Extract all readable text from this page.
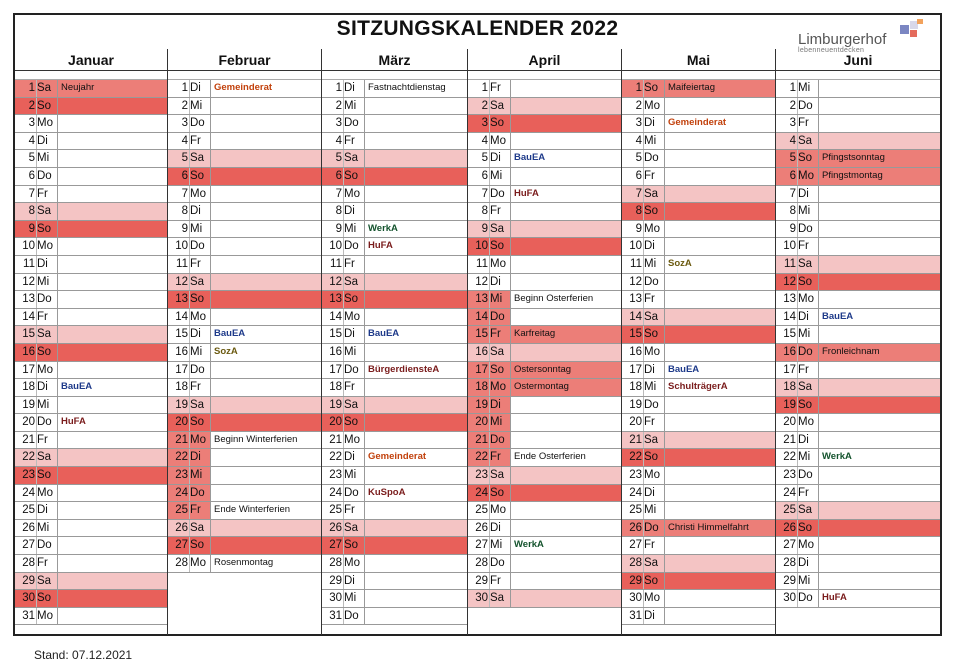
SITZUNGSKALENDER 2022	Limburgerhof
lebenneuentdecken
Januar
1 Sa	Neujahr
2 So
3 Mo
4 Di
5 Mi
6 Do
7 Fr
8 Sa
9 So
10 Mo
11 Di
12 Mi
13 Do
14 Fr
15 Sa
16 So
17 Mo
18 Di	BauEA
19 Mi
20 Do HuFA
21 Fr
22 Sa
23 So
24 Mo
25 Di
26 Mi
27 Do
28 Fr
29 Sa
30 So
31 Mo
Februar
1 Di	Gemeinderat
2 Mi
3 Do
4 Fr
5 Sa
6 So
7 Mo
8 Di
9 Mi
10 Do
11 Fr
12 Sa
13 So
14 Mo
15 Di	BauEA
16 Mi	SozA
17 Do
18 Fr
19 Sa
20 So
21 Mo Beginn Winterferien
22 Di
23 Mi
24 Do
25 Fr	Ende Winterferien
26 Sa
27 So
28 Mo Rosenmontag
März
1 Di	Fastnachtdienstag
2 Mi
3 Do
4 Fr
5 Sa
6 So
7 Mo
8 Di
9 Mi	WerkA
10 Do HuFA
11 Fr
12 Sa
13 So
14 Mo
15 Di	BauEA
16 Mi
17 Do BürgerdiensteA
18 Fr
19 Sa
20 So
21 Mo
22 Di	Gemeinderat
23 Mi
24 Do KuSpoA
25 Fr
26 Sa
27 So
28 Mo
29 Di
30 Mi
31 Do
April
1 Fr
2 Sa
3 So
4 Mo
5 Di	BauEA
6 Mi
7 Do HuFA
8 Fr
9 Sa
10 So
11 Mo
12 Di
13 Mi	Beginn Osterferien
14 Do
15 Fr	Karfreitag
16 Sa
17 So	Ostersonntag
18 Mo Ostermontag
19 Di
20 Mi
21 Do
22 Fr	Ende Osterferien
23 Sa
24 So
25 Mo
26 Di
27 Mi	WerkA
28 Do
29 Fr
30 Sa
Mai
1 So	Maifeiertag
2 Mo
3 Di	Gemeinderat
4 Mi
5 Do
6 Fr
7 Sa
8 So
9 Mo
10 Di
11 Mi	SozA
12 Do
13 Fr
14 Sa
15 So
16 Mo
17 Di	BauEA
18 Mi	SchulträgerA
19 Do
20 Fr
21 Sa
22 So
23 Mo
24 Di
25 Mi
26 Do Christi Himmelfahrt
27 Fr
28 Sa
29 So
30 Mo
31 Di
Juni
1 Mi
2 Do
3 Fr
4 Sa
5 So	Pfingstsonntag
6 Mo Pfingstmontag
7 Di
8 Mi
9 Do
10 Fr
11 Sa
12 So
13 Mo
14 Di	BauEA
15 Mi
16 Do Fronleichnam
17 Fr
18 Sa
19 So
20 Mo
21 Di
22 Mi	WerkA
23 Do
24 Fr
25 Sa
26 So
27 Mo
28 Di
29 Mi
30 Do HuFA
Stand: 07.12.2021
